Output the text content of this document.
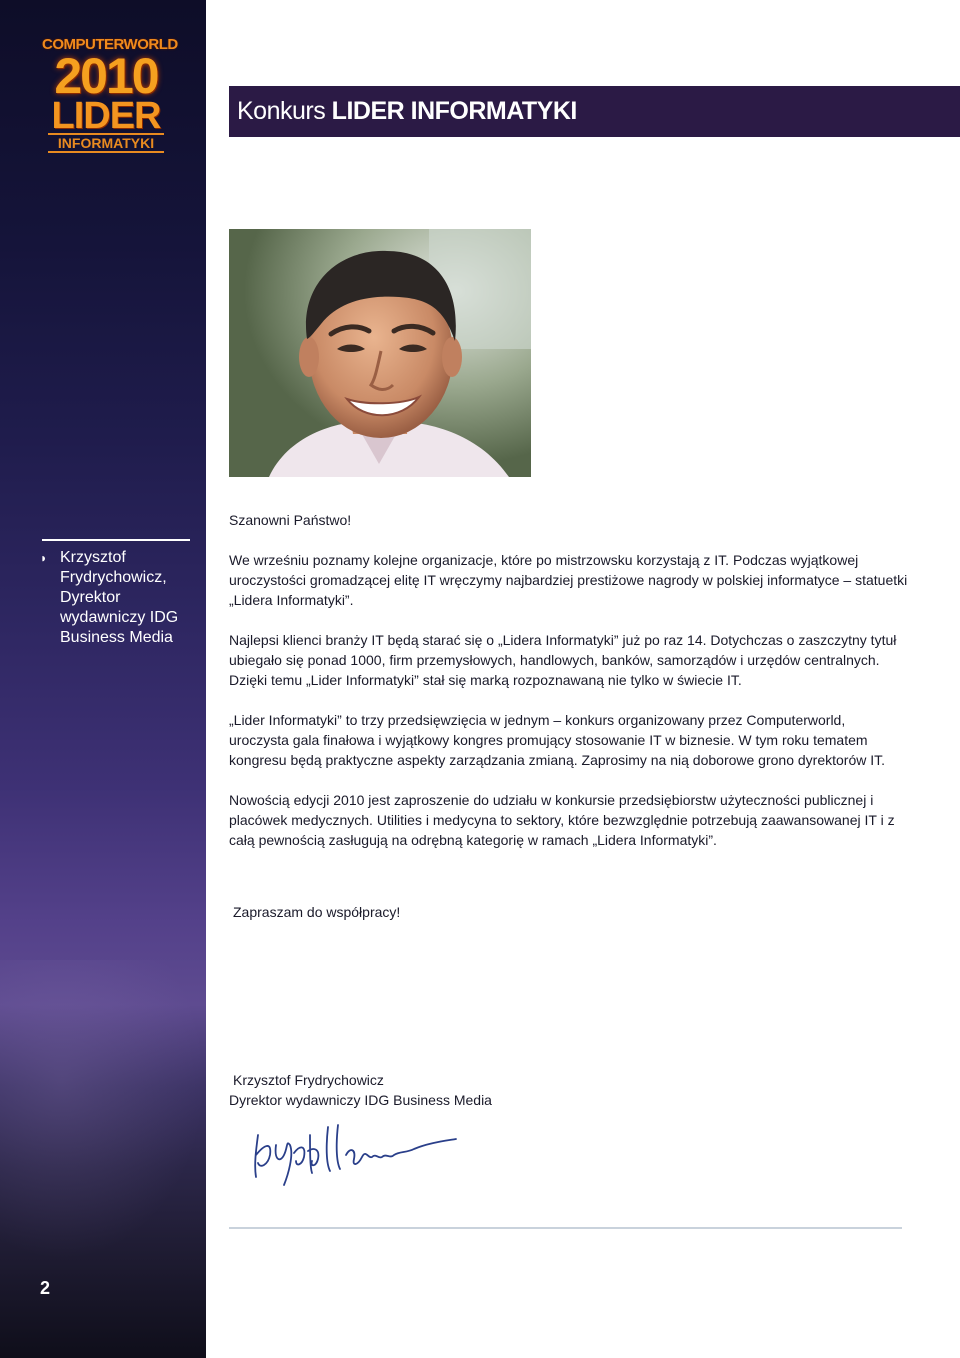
COMPUTERWORLD
2010
LIDER
INFORMATYKI
◗ Krzysztof Frydrychowicz, Dyrektor wydawniczy IDG Business Media
2
Konkurs LIDER INFORMATYKI
Szanowni Państwo!

We wrześniu poznamy kolejne organizacje, które po mistrzowsku korzystają z IT. Podczas wyjątkowej uroczystości gromadzącej elitę IT wręczymy najbardziej prestiżowe nagrody w polskiej informatyce – statuetki „Lidera Informatyki”.

Najlepsi klienci branży IT będą starać się o „Lidera Informatyki” już po raz 14. Dotychczas o zaszczytny tytuł ubiegało się ponad 1000, firm przemysłowych, handlowych, banków, samorządów i urzędów centralnych. Dzięki temu „Lider Informatyki” stał się marką rozpoznawaną nie tylko w świecie IT.

„Lider Informatyki” to trzy przedsięwzięcia w jednym – konkurs organizowany przez Computerworld, uroczysta gala finałowa i wyjątkowy kongres promujący stosowanie IT w biznesie. W tym roku tematem kongresu będą praktyczne aspekty zarządzania zmianą. Zaprosimy na nią doborowe grono dyrektorów IT.

Nowością edycji 2010 jest zaproszenie do udziału w konkursie przedsiębiorstw użyteczności publicznej i placówek medycznych. Utilities i medycyna to sektory, które bezwzględnie potrzebują zaawansowanej IT i z całą pewnością zasługują na odrębną kategorię w ramach „Lidera Informatyki”.

Zapraszam do współpracy!
Krzysztof Frydrychowicz
Dyrektor wydawniczy IDG Business Media
